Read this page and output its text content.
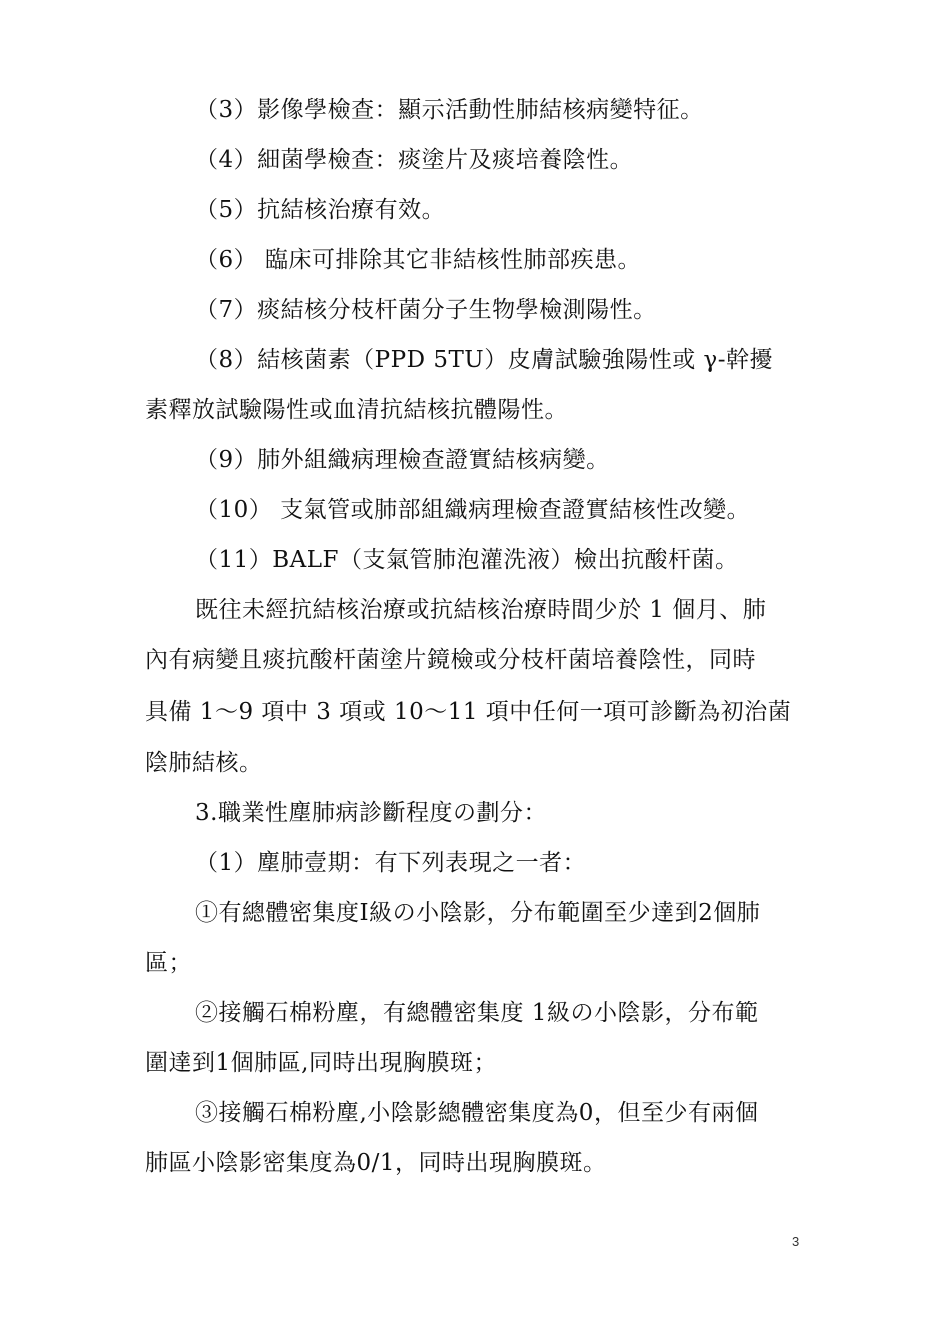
（3）影像學檢查：顯示活動性肺結核病變特征。
（4）細菌學檢查：痰塗片及痰培養陰性。
（5）抗結核治療有效。
（6） 臨床可排除其它非結核性肺部疾患。
（7）痰結核分枝杆菌分子生物學檢測陽性。
（8）結核菌素（PPD 5TU）皮膚試驗強陽性或 γ-幹擾
素釋放試驗陽性或血清抗結核抗體陽性。
（9）肺外組織病理檢查證實結核病變。
（10） 支氣管或肺部組織病理檢查證實結核性改變。
（11）BALF（支氣管肺泡灌洗液）檢出抗酸杆菌。
既往未經抗結核治療或抗結核治療時間少於 1 個月、肺
內有病變且痰抗酸杆菌塗片鏡檢或分枝杆菌培養陰性，同時
具備 1～9 項中 3 項或 10～11 項中任何一項可診斷為初治菌
陰肺結核。
3.職業性塵肺病診斷程度の劃分：
（1）塵肺壹期：有下列表現之一者：
①有總體密集度I級の小陰影，分布範圍至少達到2個肺
區；
②接觸石棉粉塵，有總體密集度 1級の小陰影，分布範
圍達到1個肺區,同時出現胸膜斑；
③接觸石棉粉塵,小陰影總體密集度為0，但至少有兩個
肺區小陰影密集度為0/1，同時出現胸膜斑。
3
